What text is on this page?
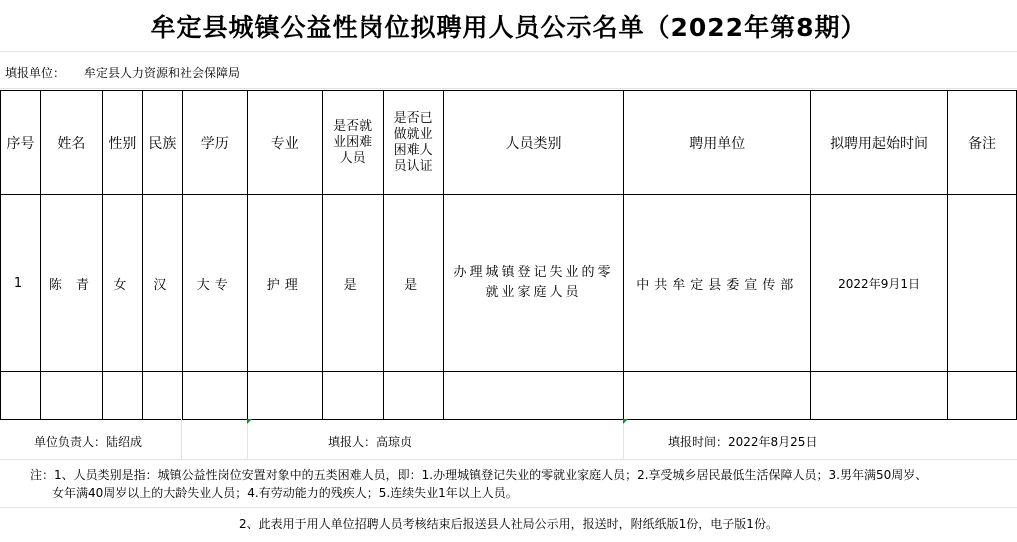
牟定县城镇公益性岗位拟聘用人员公示名单（2022年第8期）
填报单位： 牟定县人力资源和社会保障局
序号	姓名	性别	民族	学历	专业	是否就业困难人员	是否已做就业困难人员认证	人员类别	聘用单位	拟聘用起始时间	备注
1	陈 青	女	汉	大专	护理	是	是	办理城镇登记失业的零就业家庭人员	中共牟定县委宣传部	2022年9月1日	

单位负责人：陆绍成	填报人：高琼贞	填报时间：2022年8月25日
注：1、人员类别是指：城镇公益性岗位安置对象中的五类困难人员，即：1.办理城镇登记失业的零就业家庭人员；2.享受城乡居民最低生活保障人员；3.男年满50周岁、
女年满40周岁以上的大龄失业人员；4.有劳动能力的残疾人；5.连续失业1年以上人员。
2、此表用于用人单位招聘人员考核结束后报送县人社局公示用，报送时，附纸纸版1份，电子版1份。
